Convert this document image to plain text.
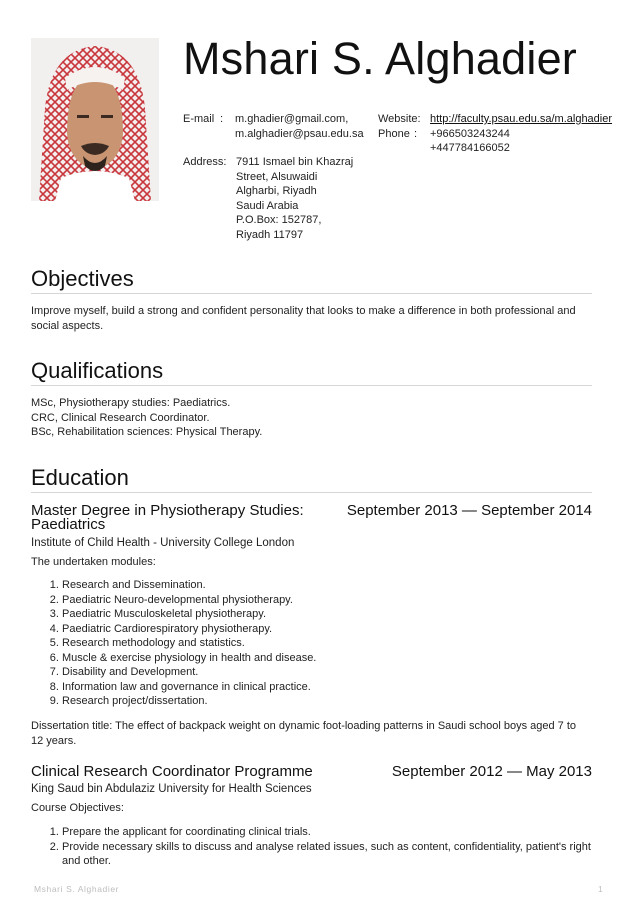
Mshari S. Alghadier
E-mail : m.ghadier@gmail.com,
m.alghadier@psau.edu.sa
Website: http://faculty.psau.edu.sa/m.alghadier
Phone : +966503243244
+447784166052
Address: 7911 Ismael bin Khazraj
Street, Alsuwaidi
Algharbi, Riyadh
Saudi Arabia
P.O.Box: 152787,
Riyadh 11797
Objectives
Improve myself, build a strong and confident personality that looks to make a difference in both professional and social aspects.
Qualifications
MSc, Physiotherapy studies: Paediatrics.
CRC, Clinical Research Coordinator.
BSc, Rehabilitation sciences: Physical Therapy.
Education
Master Degree in Physiotherapy Studies:
Paediatrics
September 2013 — September 2014
Institute of Child Health - University College London
The undertaken modules:
1. Research and Dissemination.
2. Paediatric Neuro-developmental physiotherapy.
3. Paediatric Musculoskeletal physiotherapy.
4. Paediatric Cardiorespiratory physiotherapy.
5. Research methodology and statistics.
6. Muscle & exercise physiology in health and disease.
7. Disability and Development.
8. Information law and governance in clinical practice.
9. Research project/dissertation.
Dissertation title: The effect of backpack weight on dynamic foot-loading patterns in Saudi school boys aged 7 to
12 years.
Clinical Research Coordinator Programme	September 2012 — May 2013
King Saud bin Abdulaziz University for Health Sciences
Course Objectives:
1. Prepare the applicant for coordinating clinical trials.
2. Provide necessary skills to discuss and analyse related issues, such as content, confidentiality, patient's right and other.
Mshari S. Alghadier	1
